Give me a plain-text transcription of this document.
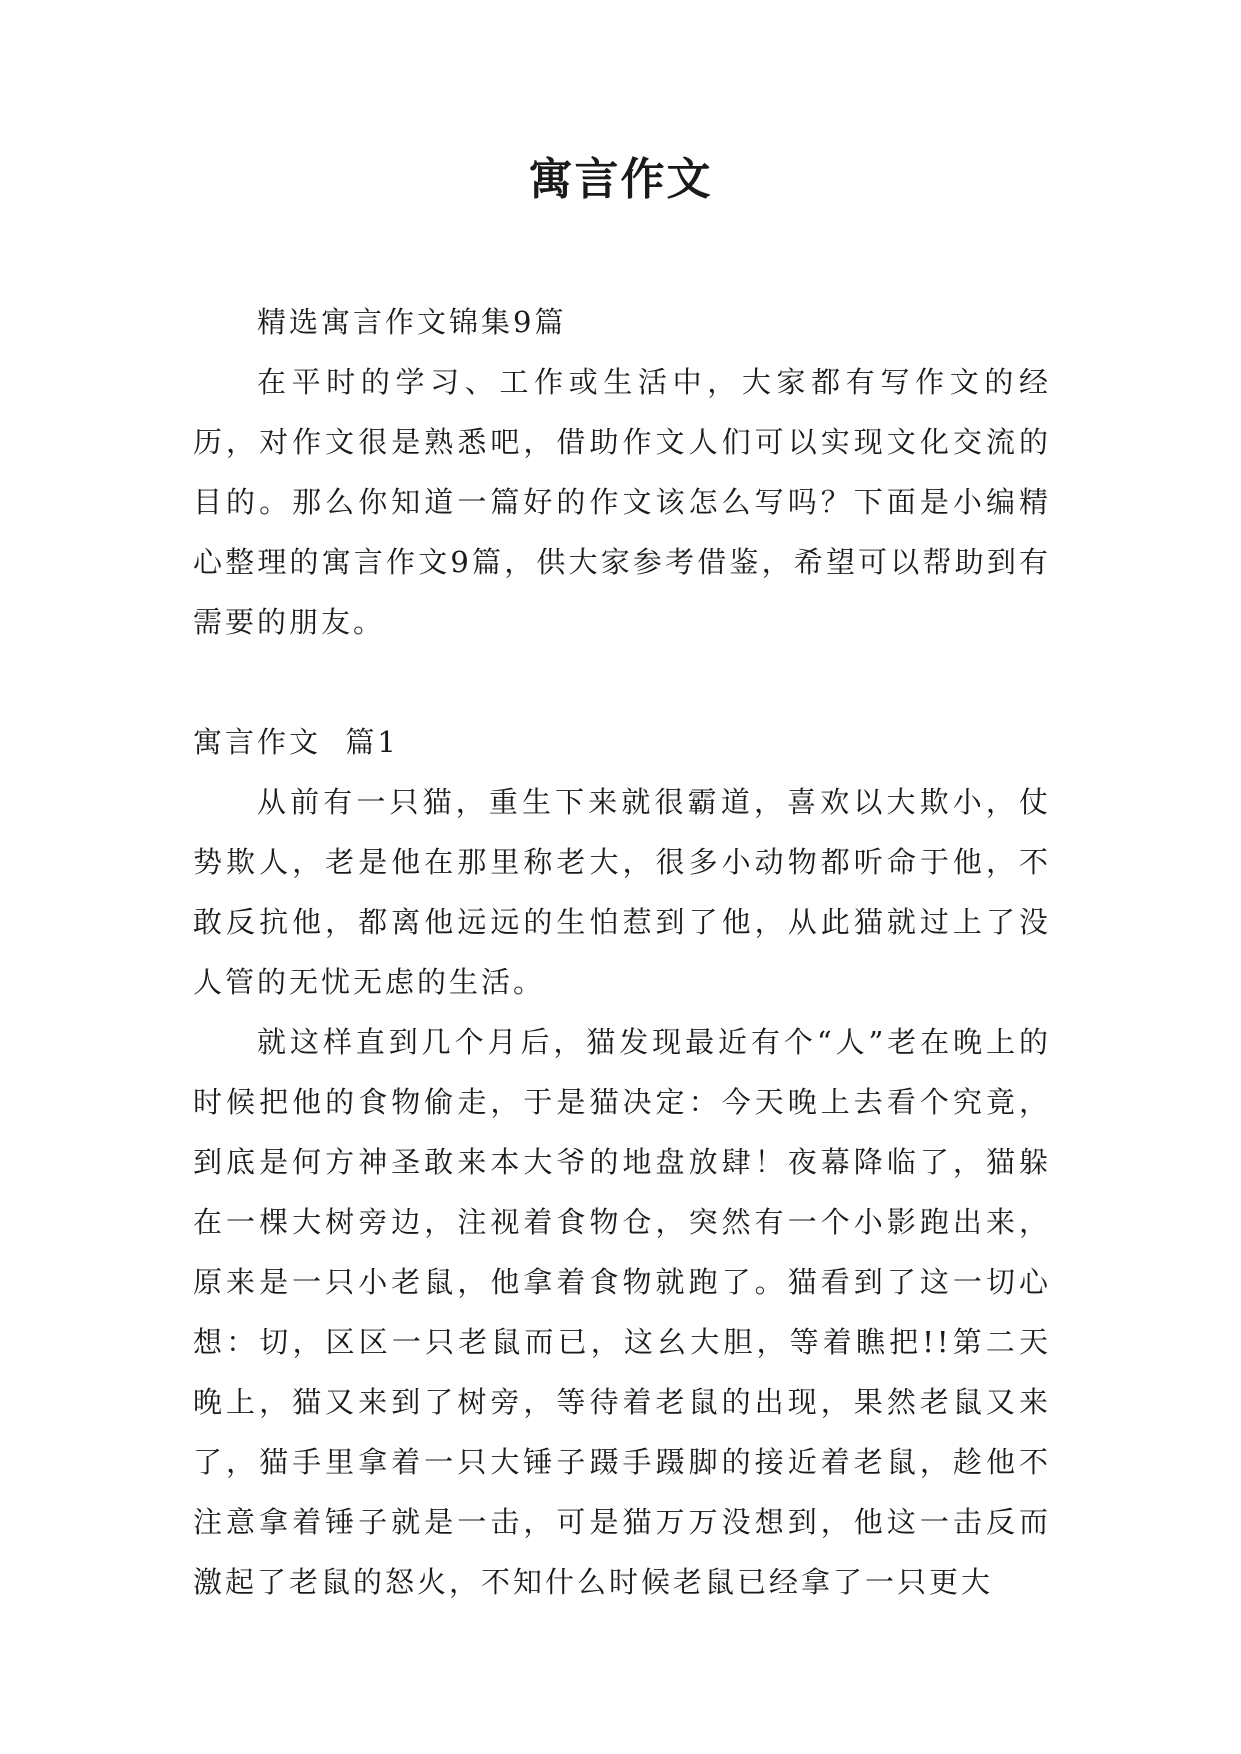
寓言作文

精选寓言作文锦集9篇

在平时的学习、工作或生活中，大家都有写作文的经历，对作文很是熟悉吧，借助作文人们可以实现文化交流的目的。那么你知道一篇好的作文该怎么写吗？下面是小编精心整理的寓言作文9篇，供大家参考借鉴，希望可以帮助到有需要的朋友。

寓言作文  篇1

从前有一只猫，重生下来就很霸道，喜欢以大欺小，仗势欺人，老是他在那里称老大，很多小动物都听命于他，不敢反抗他，都离他远远的生怕惹到了他，从此猫就过上了没人管的无忧无虑的生活。

就这样直到几个月后，猫发现最近有个“人”老在晚上的时候把他的食物偷走，于是猫决定：今天晚上去看个究竟，到底是何方神圣敢来本大爷的地盘放肆！夜幕降临了，猫躲在一棵大树旁边，注视着食物仓，突然有一个小影跑出来，原来是一只小老鼠，他拿着食物就跑了。猫看到了这一切心想：切，区区一只老鼠而已，这幺大胆，等着瞧把!!第二天晚上，猫又来到了树旁，等待着老鼠的出现，果然老鼠又来了，猫手里拿着一只大锤子蹑手蹑脚的接近着老鼠，趁他不注意拿着锤子就是一击，可是猫万万没想到，他这一击反而激起了老鼠的怒火，不知什么时候老鼠已经拿了一只更大
